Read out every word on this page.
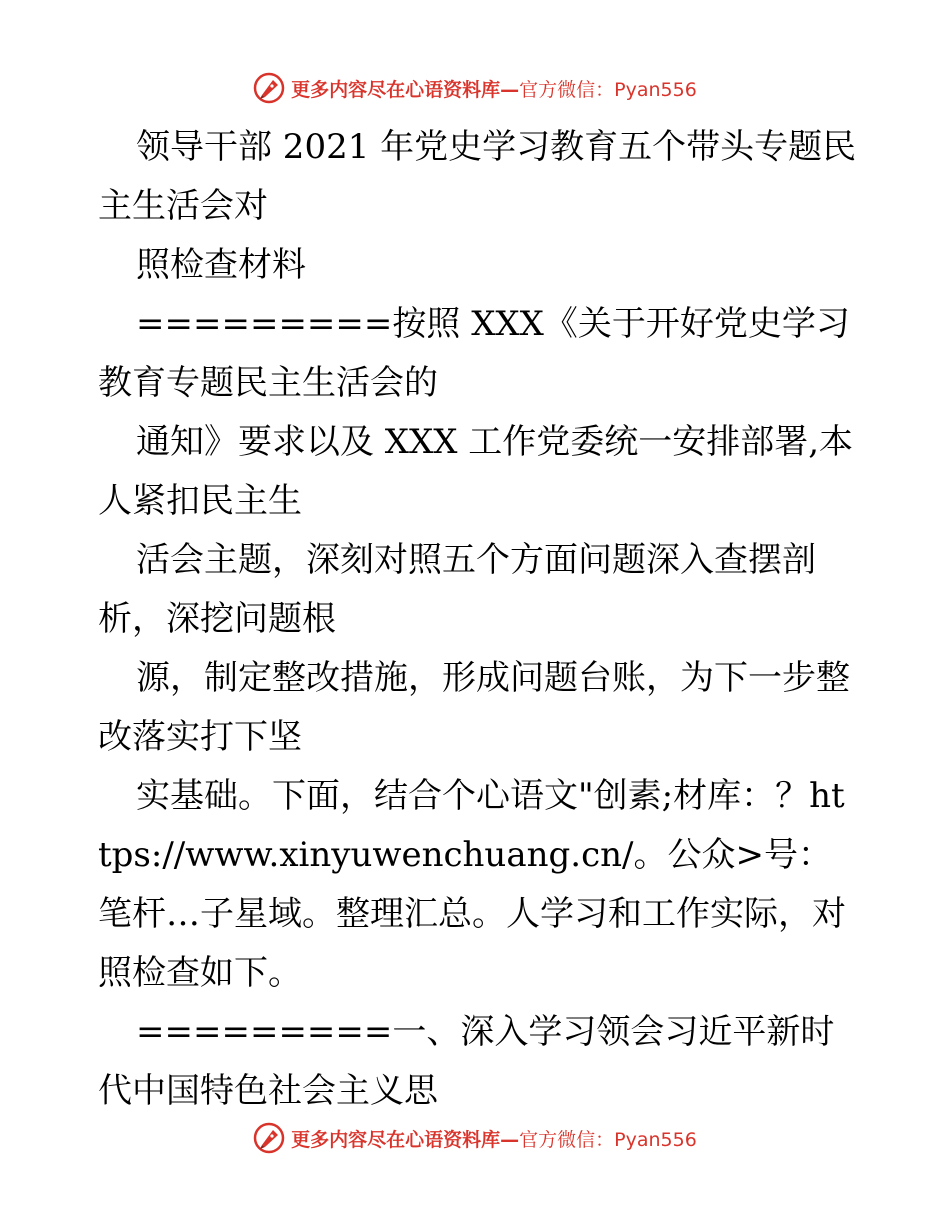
更多内容尽在心语资料库—官方微信：Pyan556

领导干部 2021 年党史学习教育五个带头专题民主生活会对

照检查材料

=========按照 XXX《关于开好党史学习教育专题民主生活会的

通知》要求以及 XXX 工作党委统一安排部署,本人紧扣民主生

活会主题，深刻对照五个方面问题深入查摆剖析，深挖问题根

源，制定整改措施，形成问题台账，为下一步整改落实打下坚

实基础。下面，结合个心语文"创素;材库：？https://www.xinyuwenchuang.cn/。公众>号：笔杆…子星域。整理汇总。人学习和工作实际，对照检查如下。

=========一、深入学习领会习近平新时代中国特色社会主义思

更多内容尽在心语资料库—官方微信：Pyan556
